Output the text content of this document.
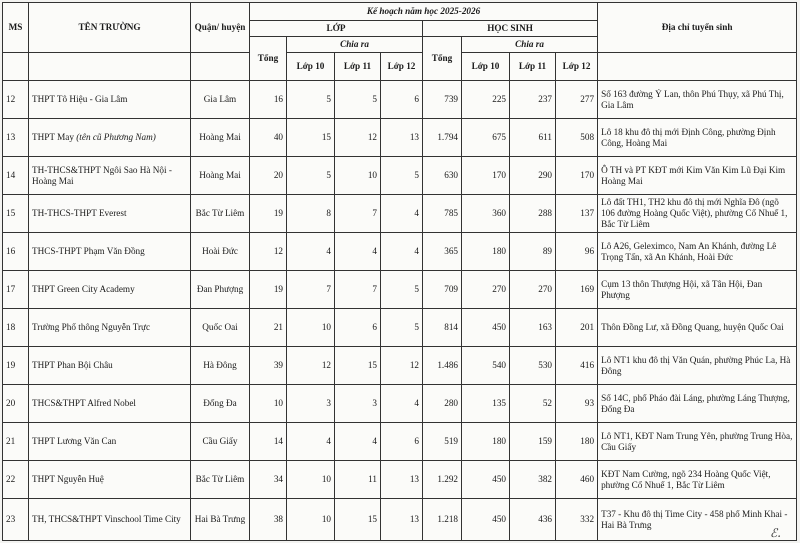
MS	TÊN TRƯỜNG	Quận/ huyện	Kế hoạch năm học 2025-2026								Địa chỉ tuyển sinh
			LỚP				HỌC SINH				
			Tổng	Chia ra			Tổng	Chia ra			
				Lớp 10	Lớp 11	Lớp 12		Lớp 10	Lớp 11	Lớp 12	
12	THPT Tô Hiệu - Gia Lâm	Gia Lâm	16	5	5	6	739	225	237	277	Số 163 đường Ỷ Lan, thôn Phú Thụy, xã Phú Thị, Gia Lâm
13	THPT May (tên cũ Phương Nam)	Hoàng Mai	40	15	12	13	1.794	675	611	508	Lô 18 khu đô thị mới Định Công, phường Định Công, Hoàng Mai
14	TH-THCS&THPT Ngôi Sao Hà Nội - Hoàng Mai	Hoàng Mai	20	5	10	5	630	170	290	170	Ô TH và PT KĐT mới Kim Văn Kim Lũ Đại Kim Hoàng Mai
15	TH-THCS-THPT Everest	Bắc Từ Liêm	19	8	7	4	785	360	288	137	Lô đất TH1, TH2 khu đô thị mới Nghĩa Đô (ngõ 106 đường Hoàng Quốc Việt), phường Cổ Nhuế 1, Bắc Từ Liêm
16	THCS-THPT Phạm Văn Đồng	Hoài Đức	12	4	4	4	365	180	89	96	Lô A26, Geleximco, Nam An Khánh, đường Lê Trọng Tấn, xã An Khánh, Hoài Đức
17	THPT Green City Academy	Đan Phượng	19	7	7	5	709	270	270	169	Cụm 13 thôn Thượng Hội, xã Tân Hội, Đan Phượng
18	Trường Phổ thông Nguyễn Trực	Quốc Oai	21	10	6	5	814	450	163	201	Thôn Đồng Lư, xã Đồng Quang, huyện Quốc Oai
19	THPT Phan Bội Châu	Hà Đông	39	12	15	12	1.486	540	530	416	Lô NT1 khu đô thị Văn Quán, phường Phúc La, Hà Đông
20	THCS&THPT Alfred Nobel	Đống Đa	10	3	3	4	280	135	52	93	Số 14C, phố Pháo đài Láng, phường Láng Thượng, Đống Đa
21	THPT Lương Văn Can	Cầu Giấy	14	4	4	6	519	180	159	180	Lô NT1, KĐT Nam Trung Yên, phường Trung Hòa, Cầu Giấy
22	THPT Nguyễn Huệ	Bắc Từ Liêm	34	10	11	13	1.292	450	382	460	KĐT Nam Cường, ngõ 234 Hoàng Quốc Việt, phường Cổ Nhuế 1, Bắc Từ Liêm
23	TH, THCS&THPT Vinschool Time City	Hai Bà Trưng	38	10	15	13	1.218	450	436	332	T37 - Khu đô thị Time City - 458 phố Minh Khai - Hai Bà Trưng
ℰ.
